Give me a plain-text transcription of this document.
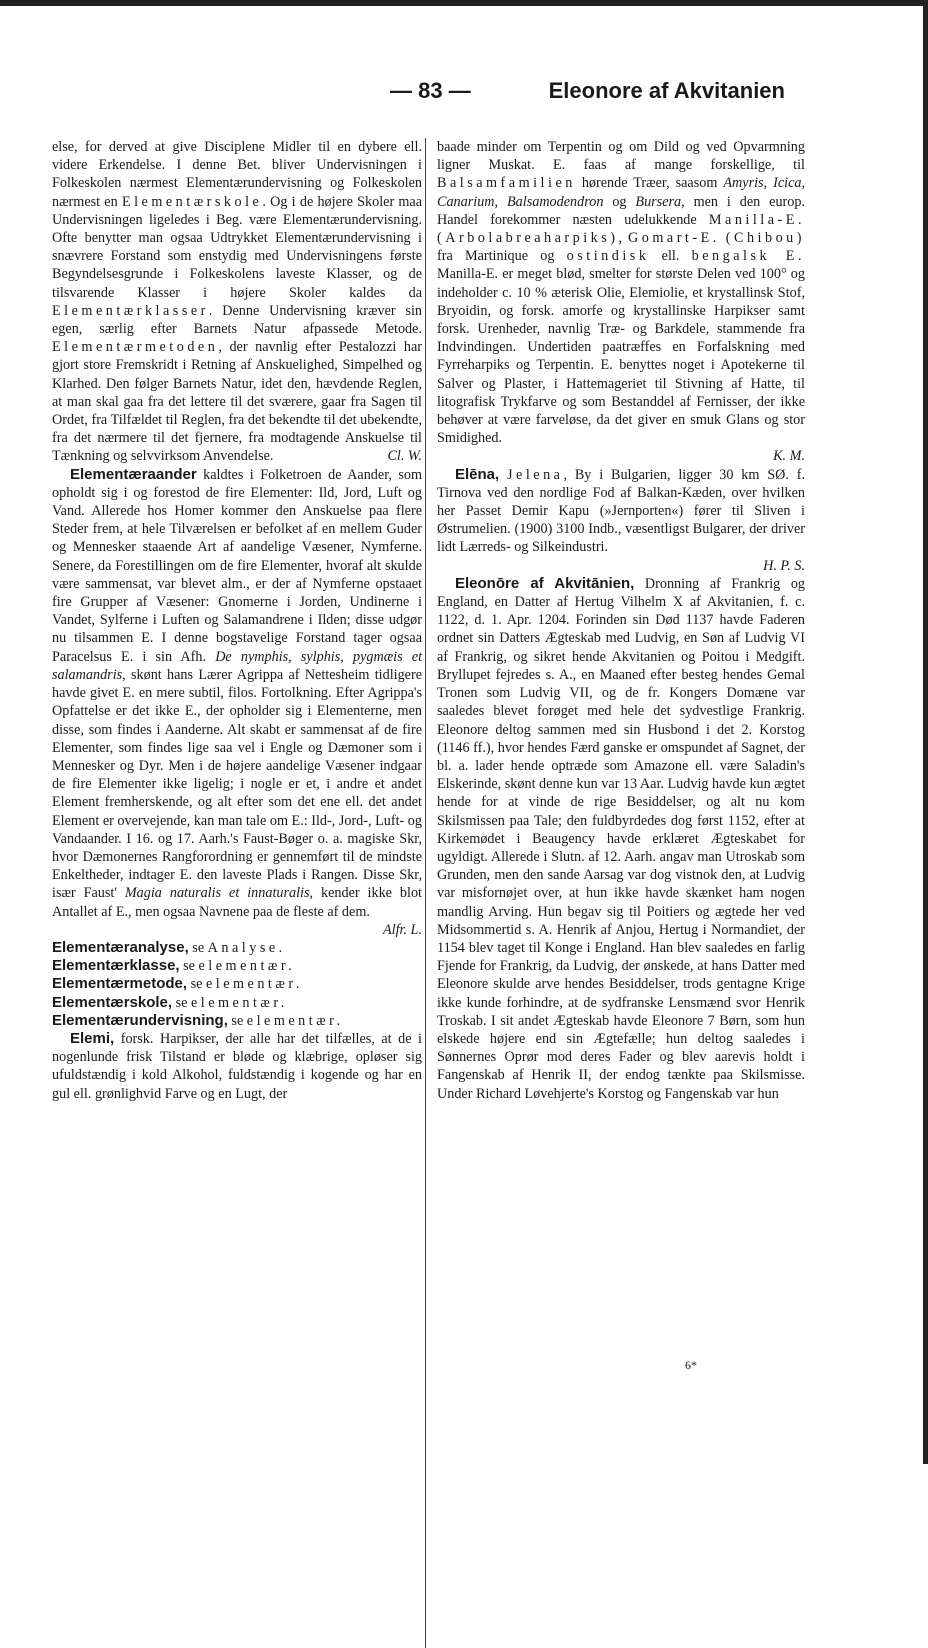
— 83 —	Eleonore af Akvitanien

else, for derved at give Disciplene Midler til en dybere ell. videre Erkendelse. I denne Bet. bliver Undervisningen i Folkeskolen nærmest Elementærundervisning og Folkeskolen nærmest en Elementærskole. Og i de højere Skoler maa Undervisningen ligeledes i Beg. være Elementærundervisning. Ofte benytter man ogsaa Udtrykket Elementærundervisning i snævrere Forstand som enstydig med Undervisningens første Begyndelsesgrunde i Folkeskolens laveste Klasser, og de tilsvarende Klasser i højere Skoler kaldes da Elementærklasser. Denne Undervisning kræver sin egen, særlig efter Barnets Natur afpassede Metode. Elementærmetoden, der navnlig efter Pestalozzi har gjort store Fremskridt i Retning af Anskuelighed, Simpelhed og Klarhed. Den følger Barnets Natur, idet den, hævdende Reglen, at man skal gaa fra det lettere til det sværere, gaar fra Sagen til Ordet, fra Tilfældet til Reglen, fra det bekendte til det ubekendte, fra det nærmere til det fjernere, fra modtagende Anskuelse til Tænkning og selvvirksom Anvendelse.	Cl. W.

Elementæraander kaldtes i Folketroen de Aander, som opholdt sig i og forestod de fire Elementer: Ild, Jord, Luft og Vand. Allerede hos Homer kommer den Anskuelse paa flere Steder frem, at hele Tilværelsen er befolket af en mellem Guder og Mennesker staaende Art af aandelige Væsener, Nymferne. Senere, da Forestillingen om de fire Elementer, hvoraf alt skulde være sammensat, var blevet alm., er der af Nymferne opstaaet fire Grupper af Væsener: Gnomerne i Jorden, Undinerne i Vandet, Sylferne i Luften og Salamandrene i Ilden; disse udgør nu tilsammen E. I denne bogstavelige Forstand tager ogsaa Paracelsus E. i sin Afh. De nymphis, sylphis, pygmæis et salamandris, skønt hans Lærer Agrippa af Nettesheim tidligere havde givet E. en mere subtil, filos. Fortolkning. Efter Agrippa's Opfattelse er det ikke E., der opholder sig i Elementerne, men disse, som findes i Aanderne. Alt skabt er sammensat af de fire Elementer, som findes lige saa vel i Engle og Dæmoner som i Mennesker og Dyr. Men i de højere aandelige Væsener indgaar de fire Elementer ikke ligelig; i nogle er et, i andre et andet Element fremherskende, og alt efter som det ene ell. det andet Element er overvejende, kan man tale om E.: Ild-, Jord-, Luft- og Vandaander. I 16. og 17. Aarh.'s Faust-Bøger o. a. magiske Skr, hvor Dæmonernes Rangforordning er gennemført til de mindste Enkeltheder, indtager E. den laveste Plads i Rangen. Disse Skr, især Faust' Magia naturalis et innaturalis, kender ikke blot Antallet af E., men ogsaa Navnene paa de fleste af dem.

Alfr. L.

Elementæranalyse, se Analyse.

Elementærklasse, se elementær.

Elementærmetode, se elementær.

Elementærskole, se elementær.

Elementærundervisning, se elementær.

Elemi, forsk. Harpikser, der alle har det tilfælles, at de i nogenlunde frisk Tilstand er bløde og klæbrige, opløser sig ufuldstændig i kold Alkohol, fuldstændig i kogende og har en gul ell. grønlighvid Farve og en Lugt, der

baade minder om Terpentin og om Dild og ved Opvarmning ligner Muskat. E. faas af mange forskellige, til Balsamfamilien hørende Træer, saasom Amyris, Icica, Canarium, Balsamodendron og Bursera, men i den europ. Handel forekommer næsten udelukkende Manilla-E. (Arbolabreaharpiks), Gomart-E. (Chibou) fra Martinique og ostindisk ell. bengalsk E. Manilla-E. er meget blød, smelter for største Delen ved 100° og indeholder c. 10 % æterisk Olie, Elemiolie, et krystallinsk Stof, Bryoidin, og forsk. amorfe og krystallinske Harpikser samt forsk. Urenheder, navnlig Træ- og Barkdele, stammende fra Indvindingen. Undertiden paatræffes en Forfalskning med Fyrreharpiks og Terpentin. E. benyttes noget i Apotekerne til Salver og Plaster, i Hattemageriet til Stivning af Hatte, til litografisk Trykfarve og som Bestanddel af Fernisser, der ikke behøver at være farveløse, da det giver en smuk Glans og stor Smidighed.

K. M.

Elēna, Jelena, By i Bulgarien, ligger 30 km SØ. f. Tirnova ved den nordlige Fod af Balkan-Kæden, over hvilken her Passet Demir Kapu (»Jernporten«) fører til Sliven i Østrumelien. (1900) 3100 Indb., væsentligst Bulgarer, der driver lidt Lærreds- og Silkeindustri.

H. P. S.

Eleonōre af Akvitānien, Dronning af Frankrig og England, en Datter af Hertug Vilhelm X af Akvitanien, f. c. 1122, d. 1. Apr. 1204. Forinden sin Død 1137 havde Faderen ordnet sin Datters Ægteskab med Ludvig, en Søn af Ludvig VI af Frankrig, og sikret hende Akvitanien og Poitou i Medgift. Bryllupet fejredes s. A., en Maaned efter besteg hendes Gemal Tronen som Ludvig VII, og de fr. Kongers Domæne var saaledes blevet forøget med hele det sydvestlige Frankrig. Eleonore deltog sammen med sin Husbond i det 2. Korstog (1146 ff.), hvor hendes Færd ganske er omspundet af Sagnet, der bl. a. lader hende optræde som Amazone ell. være Saladin's Elskerinde, skønt denne kun var 13 Aar. Ludvig havde kun ægtet hende for at vinde de rige Besiddelser, og alt nu kom Skilsmissen paa Tale; den fuldbyrdedes dog først 1152, efter at Kirkemødet i Beaugency havde erklæret Ægteskabet for ugyldigt. Allerede i Slutn. af 12. Aarh. angav man Utroskab som Grunden, men den sande Aarsag var dog vistnok den, at Ludvig var misfornøjet over, at hun ikke havde skænket ham nogen mandlig Arving. Hun begav sig til Poitiers og ægtede her ved Midsommertid s. A. Henrik af Anjou, Hertug i Normandiet, der 1154 blev taget til Konge i England. Han blev saaledes en farlig Fjende for Frankrig, da Ludvig, der ønskede, at hans Datter med Eleonore skulde arve hendes Besiddelser, trods gentagne Krige ikke kunde forhindre, at de sydfranske Lensmænd svor Henrik Troskab. I sit andet Ægteskab havde Eleonore 7 Børn, som hun elskede højere end sin Ægtefælle; hun deltog saaledes i Sønnernes Oprør mod deres Fader og blev aarevis holdt i Fangenskab af Henrik II, der endog tænkte paa Skilsmisse. Under Richard Løvehjerte's Korstog og Fangenskab var hun

6*
